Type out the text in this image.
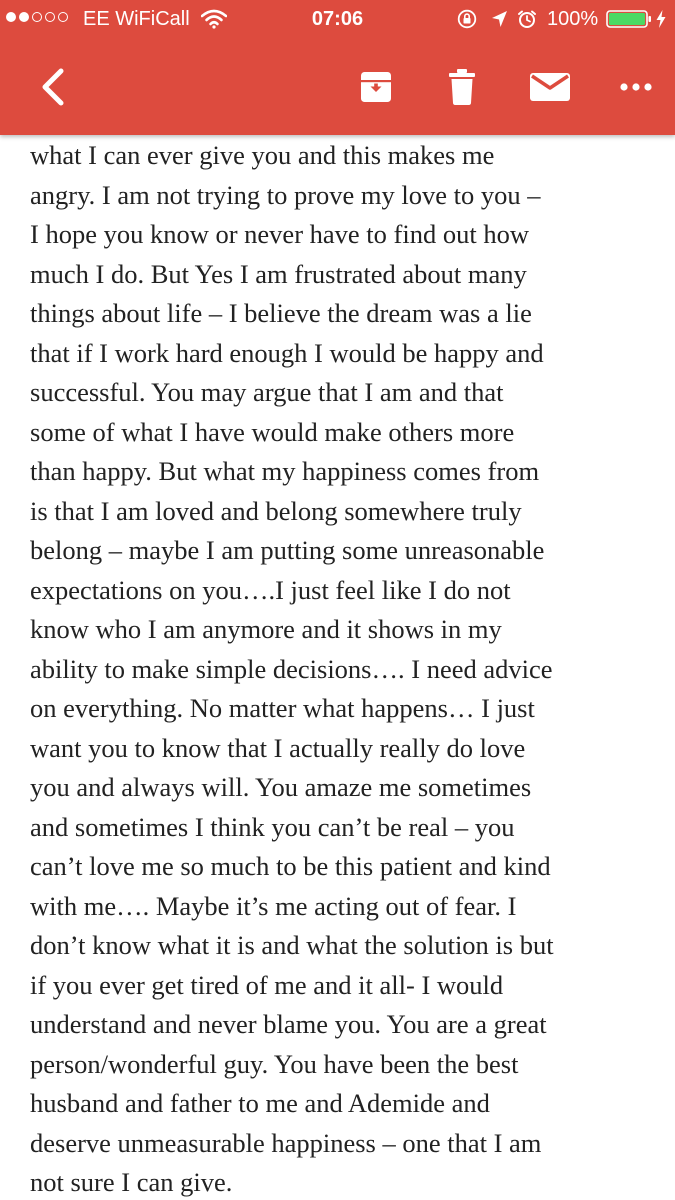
EE WiFiCall	07:06	100%
what I can ever give you and this makes me
angry. I am not trying to prove my love to you –
I hope you know or never have to find out how
much I do. But Yes I am frustrated about many
things about life – I believe the dream was a lie
that if I work hard enough I would be happy and
successful. You may argue that I am and that
some of what I have would make others more
than happy. But what my happiness comes from
is that I am loved and belong somewhere truly
belong – maybe I am putting some unreasonable
expectations on you….I just feel like I do not
know who I am anymore and it shows in my
ability to make simple decisions…. I need advice
on everything. No matter what happens… I just
want you to know that I actually really do love
you and always will. You amaze me sometimes
and sometimes I think you can’t be real – you
can’t love me so much to be this patient and kind
with me…. Maybe it’s me acting out of fear. I
don’t know what it is and what the solution is but
if you ever get tired of me and it all- I would
understand and never blame you. You are a great
person/wonderful guy. You have been the best
husband and father to me and Ademide and
deserve unmeasurable happiness – one that I am
not sure I can give.
